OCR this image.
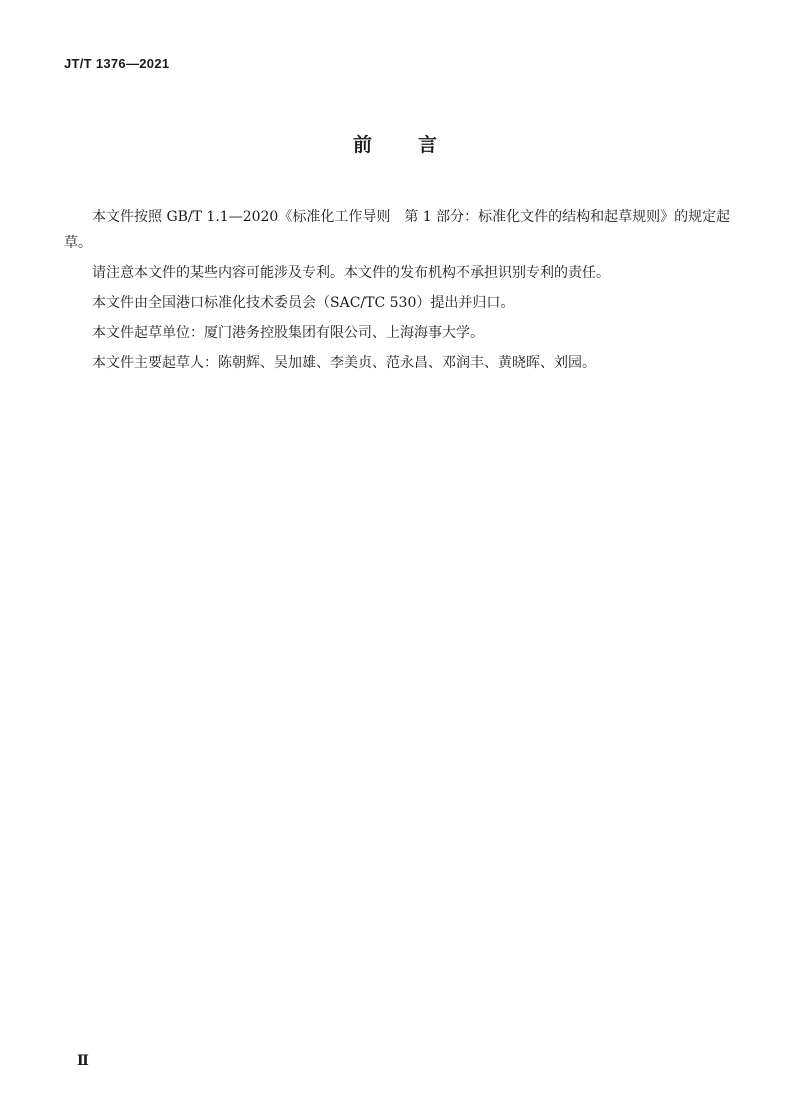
JT/T 1376—2021
前言

本文件按照 GB/T 1.1—2020《标准化工作导则　第 1 部分：标准化文件的结构和起草规则》的规定起草。

请注意本文件的某些内容可能涉及专利。本文件的发布机构不承担识别专利的责任。

本文件由全国港口标准化技术委员会（SAC/TC 530）提出并归口。

本文件起草单位：厦门港务控股集团有限公司、上海海事大学。

本文件主要起草人：陈朝辉、吴加雄、李美贞、范永昌、邓润丰、黄晓晖、刘园。

Ⅱ
